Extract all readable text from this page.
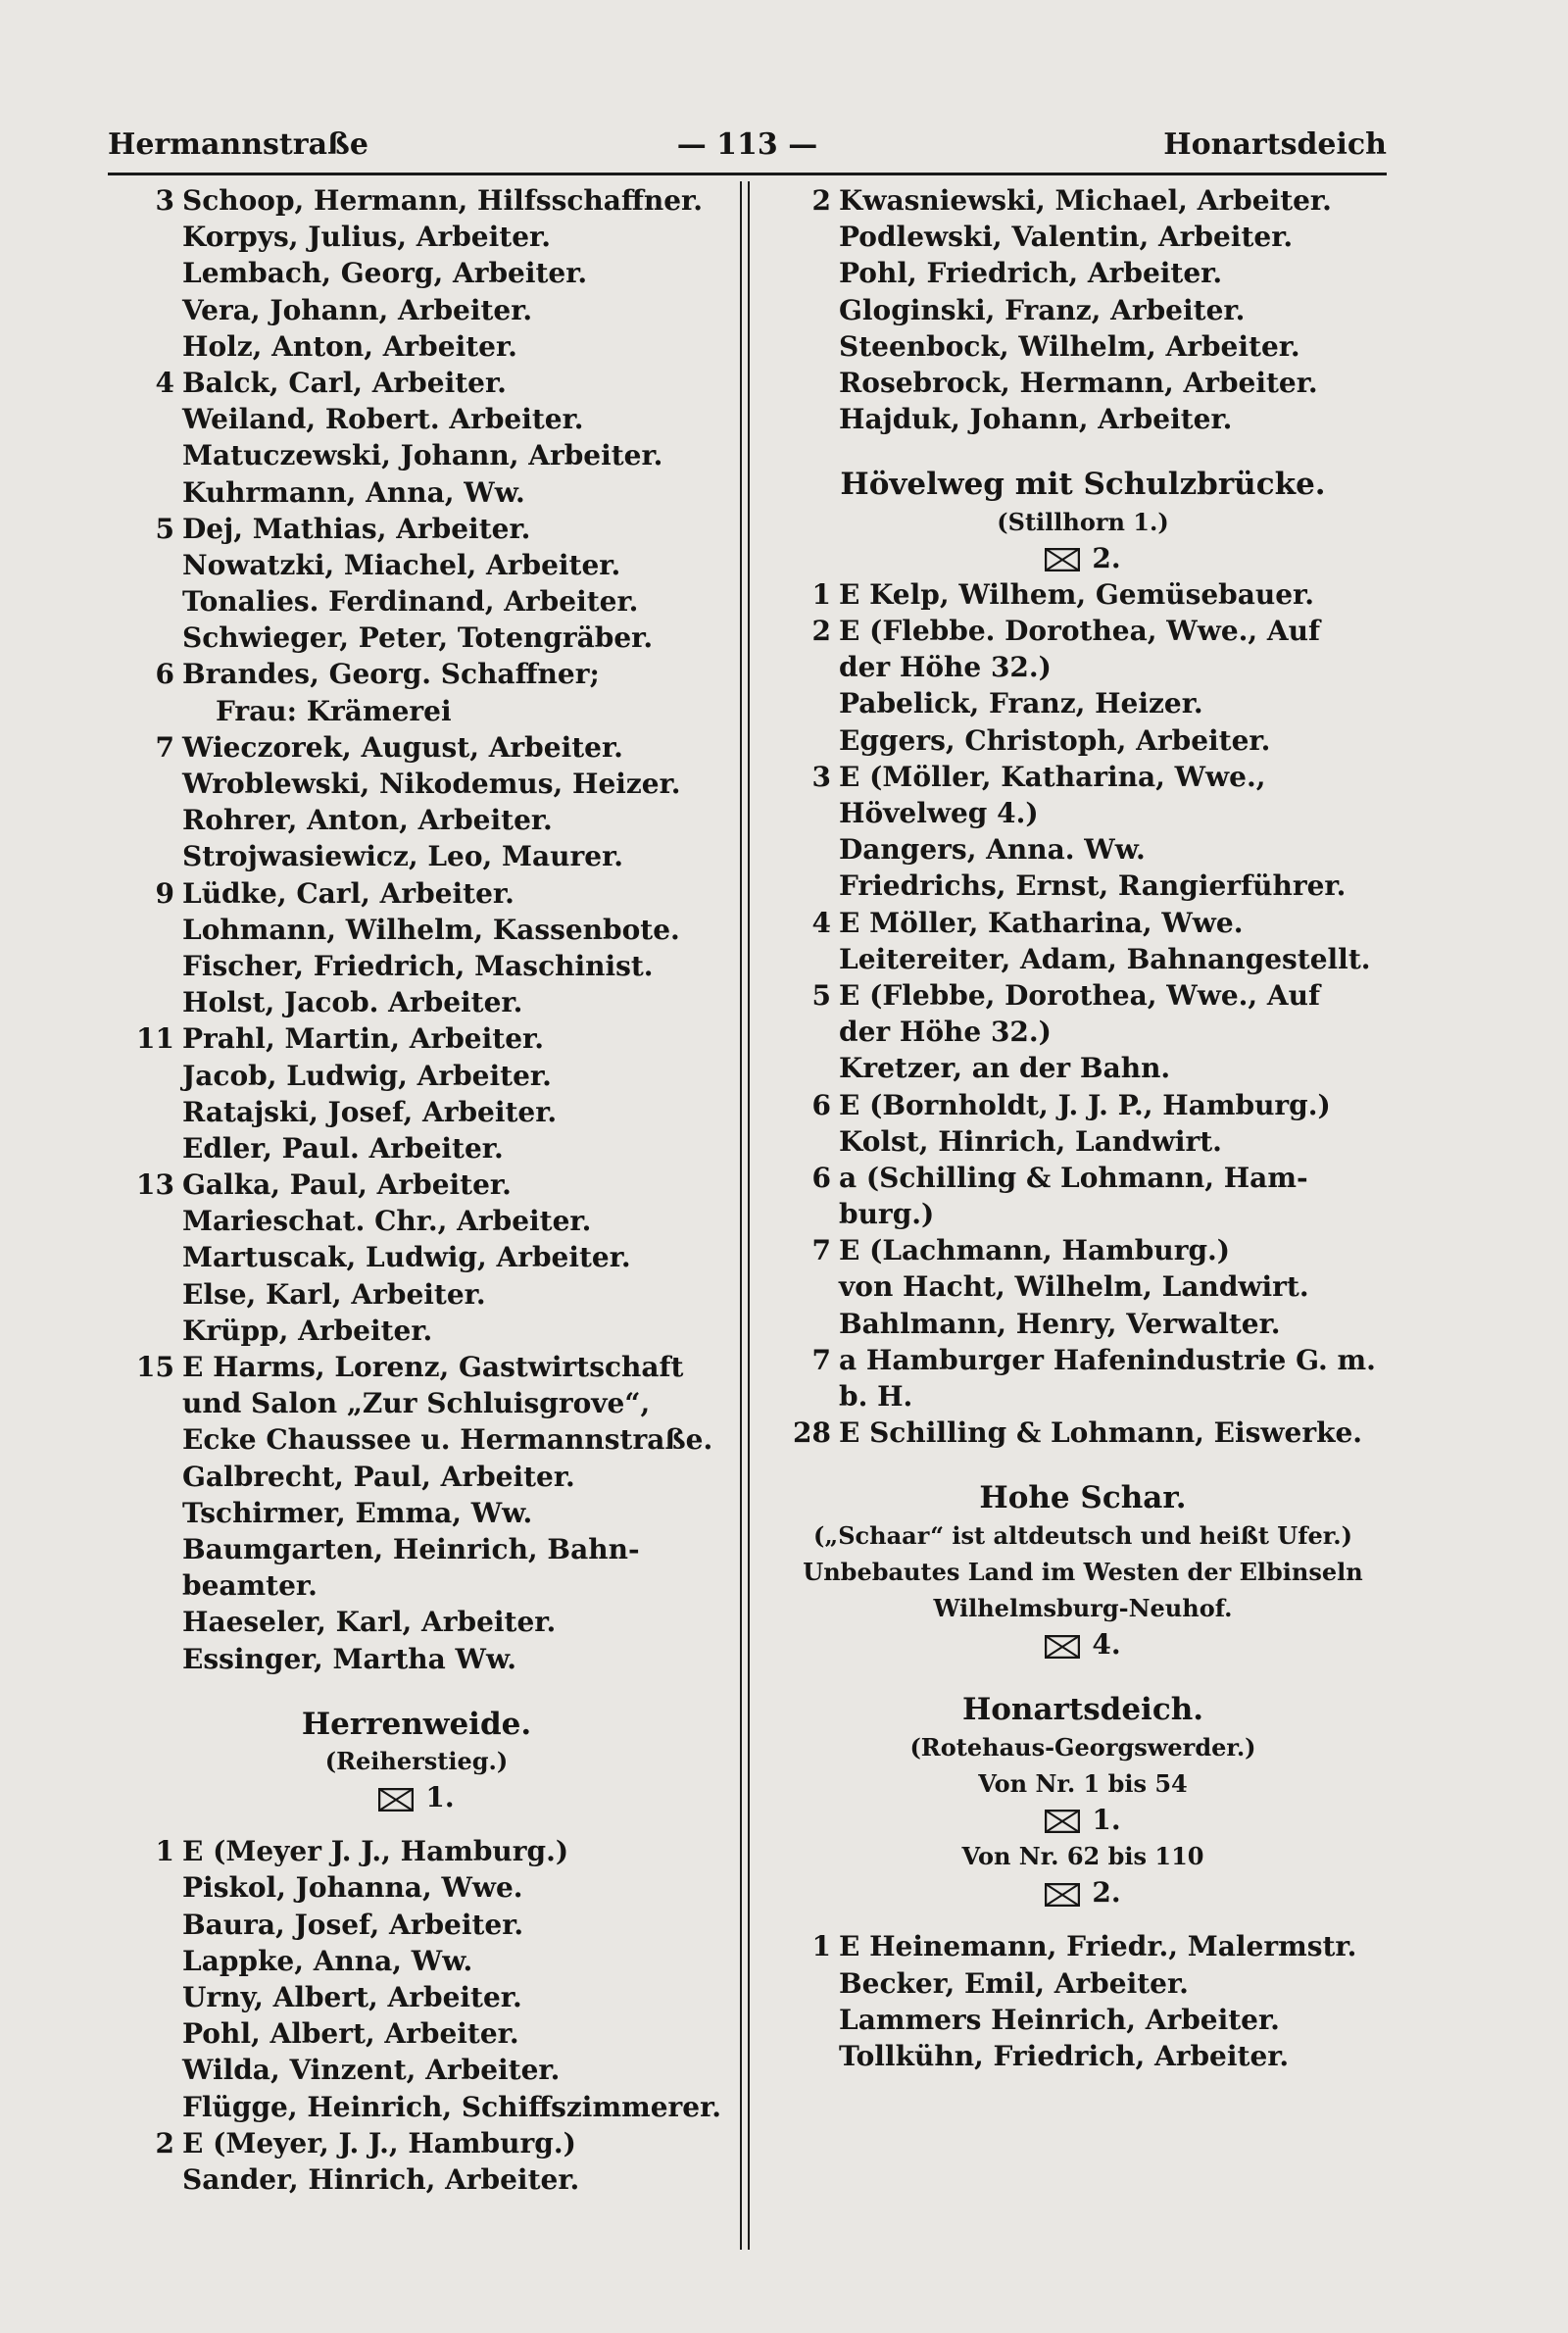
Hermannstraße	— 113 —	Honartsdeich
3 Schoop, Hermann, Hilfsschaffner.
Korpys, Julius, Arbeiter.
Lembach, Georg, Arbeiter.
Vera, Johann, Arbeiter.
Holz, Anton, Arbeiter.
4 Balck, Carl, Arbeiter.
Weiland, Robert. Arbeiter.
Matuczewski, Johann, Arbeiter.
Kuhrmann, Anna, Ww.
5 Dej, Mathias, Arbeiter.
Nowatzki, Miachel, Arbeiter.
Tonalies. Ferdinand, Arbeiter.
Schwieger, Peter, Totengräber.
6 Brandes, Georg. Schaffner;
Frau: Krämerei
7 Wieczorek, August, Arbeiter.
Wroblewski, Nikodemus, Heizer.
Rohrer, Anton, Arbeiter.
Strojwasiewicz, Leo, Maurer.
9 Lüdke, Carl, Arbeiter.
Lohmann, Wilhelm, Kassenbote.
Fischer, Friedrich, Maschinist.
Holst, Jacob. Arbeiter.
11 Prahl, Martin, Arbeiter.
Jacob, Ludwig, Arbeiter.
Ratajski, Josef, Arbeiter.
Edler, Paul. Arbeiter.
13 Galka, Paul, Arbeiter.
Marieschat. Chr., Arbeiter.
Martuscak, Ludwig, Arbeiter.
Else, Karl, Arbeiter.
Krüpp, Arbeiter.
15 E Harms, Lorenz, Gastwirtschaft
und Salon „Zur Schluisgrove“,
Ecke Chaussee u. Hermannstraße.
Galbrecht, Paul, Arbeiter.
Tschirmer, Emma, Ww.
Baumgarten, Heinrich, Bahn-
beamter.
Haeseler, Karl, Arbeiter.
Essinger, Martha Ww.
Herrenweide.
(Reiherstieg.)
1.
1 E (Meyer J. J., Hamburg.)
Piskol, Johanna, Wwe.
Baura, Josef, Arbeiter.
Lappke, Anna, Ww.
Urny, Albert, Arbeiter.
Pohl, Albert, Arbeiter.
Wilda, Vinzent, Arbeiter.
Flügge, Heinrich, Schiffszimmerer.
2 E (Meyer, J. J., Hamburg.)
Sander, Hinrich, Arbeiter.
2 Kwasniewski, Michael, Arbeiter.
Podlewski, Valentin, Arbeiter.
Pohl, Friedrich, Arbeiter.
Gloginski, Franz, Arbeiter.
Steenbock, Wilhelm, Arbeiter.
Rosebrock, Hermann, Arbeiter.
Hajduk, Johann, Arbeiter.
Hövelweg mit Schulzbrücke.
(Stillhorn 1.)
2.
1 E Kelp, Wilhem, Gemüsebauer.
2 E (Flebbe. Dorothea, Wwe., Auf
der Höhe 32.)
Pabelick, Franz, Heizer.
Eggers, Christoph, Arbeiter.
3 E (Möller, Katharina, Wwe.,
Hövelweg 4.)
Dangers, Anna. Ww.
Friedrichs, Ernst, Rangierführer.
4 E Möller, Katharina, Wwe.
Leitereiter, Adam, Bahnangestellt.
5 E (Flebbe, Dorothea, Wwe., Auf
der Höhe 32.)
Kretzer, an der Bahn.
6 E (Bornholdt, J. J. P., Hamburg.)
Kolst, Hinrich, Landwirt.
6 a (Schilling & Lohmann, Ham-
burg.)
7 E (Lachmann, Hamburg.)
von Hacht, Wilhelm, Landwirt.
Bahlmann, Henry, Verwalter.
7 a Hamburger Hafenindustrie G. m.
b. H.
28 E Schilling & Lohmann, Eiswerke.
Hohe Schar.
(„Schaar“ ist altdeutsch und heißt Ufer.)
Unbebautes Land im Westen der Elbinseln
Wilhelmsburg-Neuhof.
4.
Honartsdeich.
(Rotehaus-Georgswerder.)
Von Nr. 1 bis 54
1.
Von Nr. 62 bis 110
2.
1 E Heinemann, Friedr., Malermstr.
Becker, Emil, Arbeiter.
Lammers Heinrich, Arbeiter.
Tollkühn, Friedrich, Arbeiter.
